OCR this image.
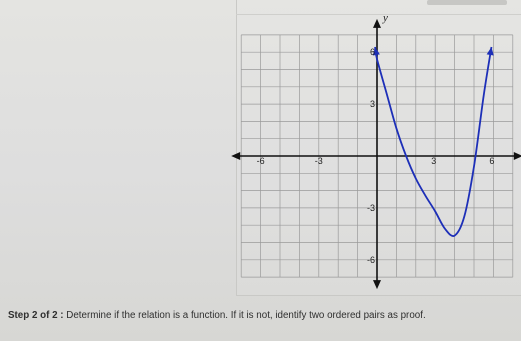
-6	-3	3	6
6
3
-3
-6
y
Step 2 of 2 : Determine if the relation is a function. If it is not, identify two ordered pairs as proof.
